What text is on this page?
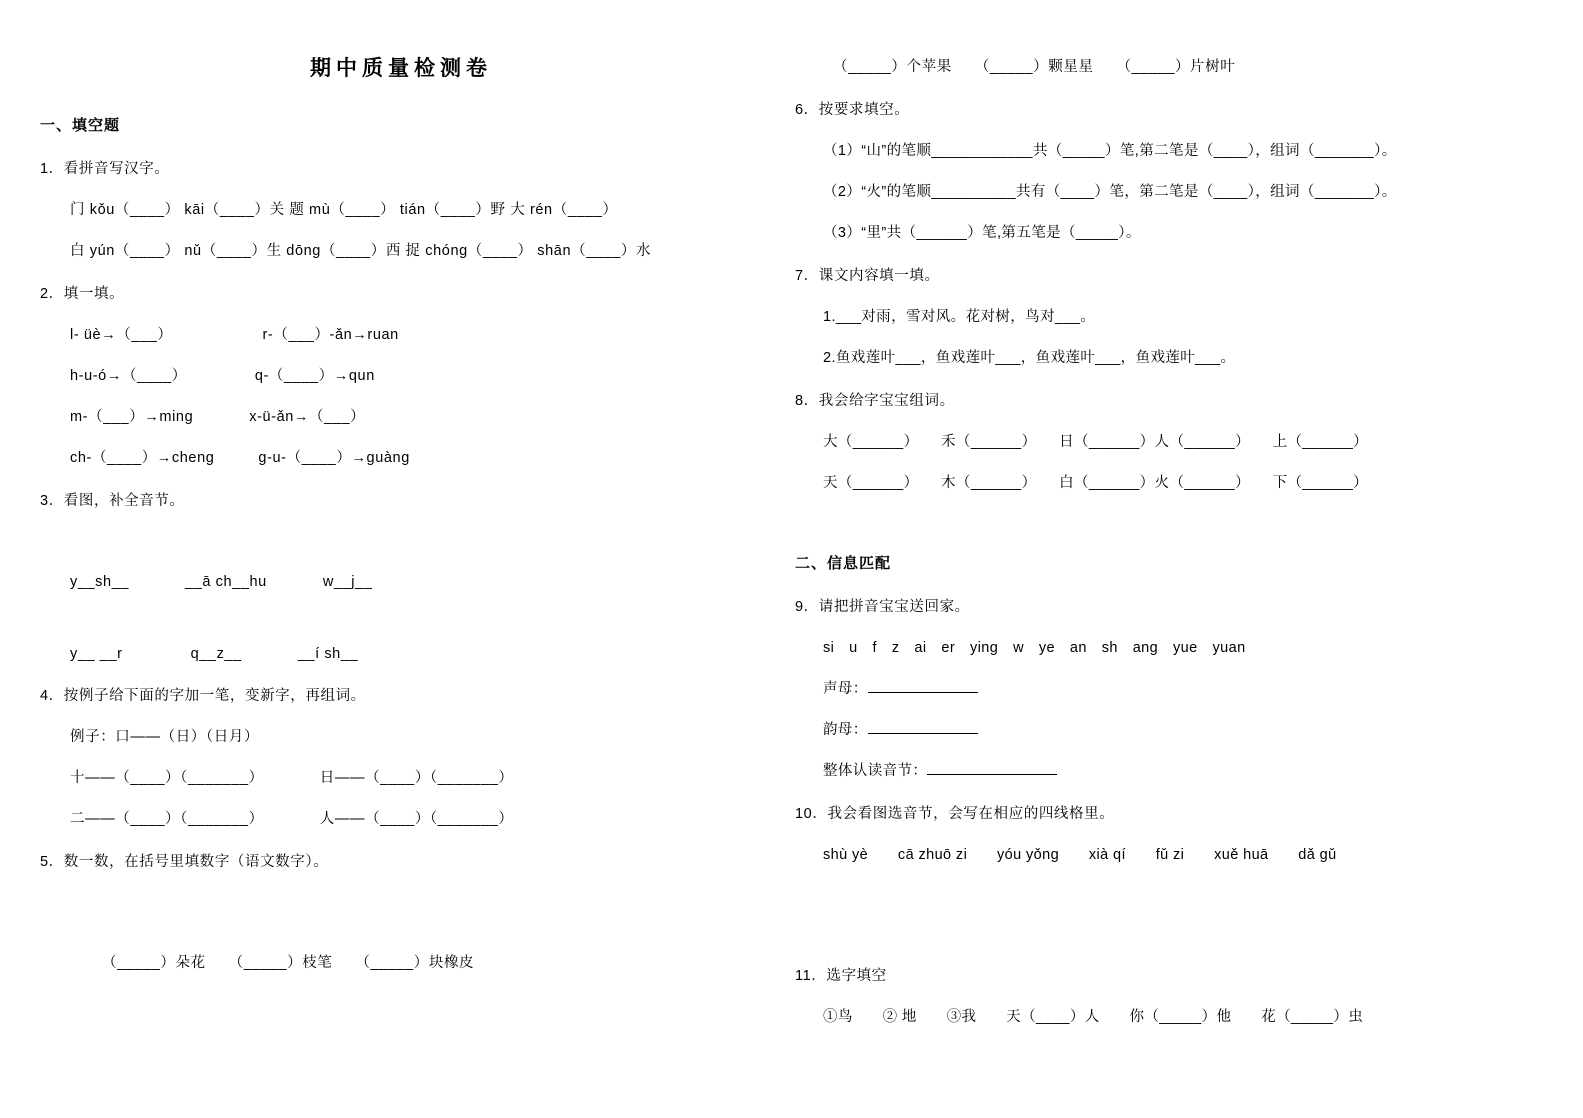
期中质量检测卷
一、填空题
1．看拼音写汉字。
门 kǒu（____） kāi（____）关 题 mù（____） tián（____）野 大 rén（____）
白 yún（____） nǔ（____）生 dōng（____）西 捉 chóng（____） shān（____）水
2．填一填。
l- üè→（___）	r-（___）-ǎn→ruan
h-u-ó→（____）	q-（____）→qun
m-（___）→ming	x-ü-ǎn→（___）
ch-（____）→cheng	g-u-（____）→guàng
3．看图，补全音节。
y__sh__	__ā ch__hu	w__j__
y__ __r	q__z__	__í sh__
4．按例子给下面的字加一笔，变新字，再组词。
例子：口——（日）（日月）
十——（____）（_______）	日——（____）（_______）
二——（____）（_______）	人——（____）（_______）
5．数一数，在括号里填数字（语文数字）。
（_____）朵花　　（_____）枝笔　　（_____）块橡皮
（_____）个苹果　　（_____）颗星星　　（_____）片树叶
6．按要求填空。
（1）“山”的笔顺____________共（_____）笔,第二笔是（____），组词（_______）。
（2）“火”的笔顺__________共有（____）笔，第二笔是（____），组词（_______）。
（3）“里”共（______）笔,第五笔是（_____）。
7．课文内容填一填。
1.___对雨，雪对风。花对树，鸟对___。
2.鱼戏莲叶___，鱼戏莲叶___，鱼戏莲叶___，鱼戏莲叶___。
8．我会给字宝宝组词。
大（______）　　禾（______）　　日（______）人（______）　　上（______）
天（______）　　木（______）　　白（______）火（______）　　下（______）
二、信息匹配
9．请把拼音宝宝送回家。
si　u　f　z　ai　er　ying　w　ye　an　sh　ang　yue　yuan
声母：
韵母：
整体认读音节：
10．我会看图选音节，会写在相应的四线格里。
shù yè　　cā zhuō zi　　yóu yǒng　　xià qí　　fǔ zi　　xuě huā　　dǎ gǔ
11．选字填空
①鸟　　② 地　　③我　　天（____）人　　你（_____）他　　花（_____）虫
